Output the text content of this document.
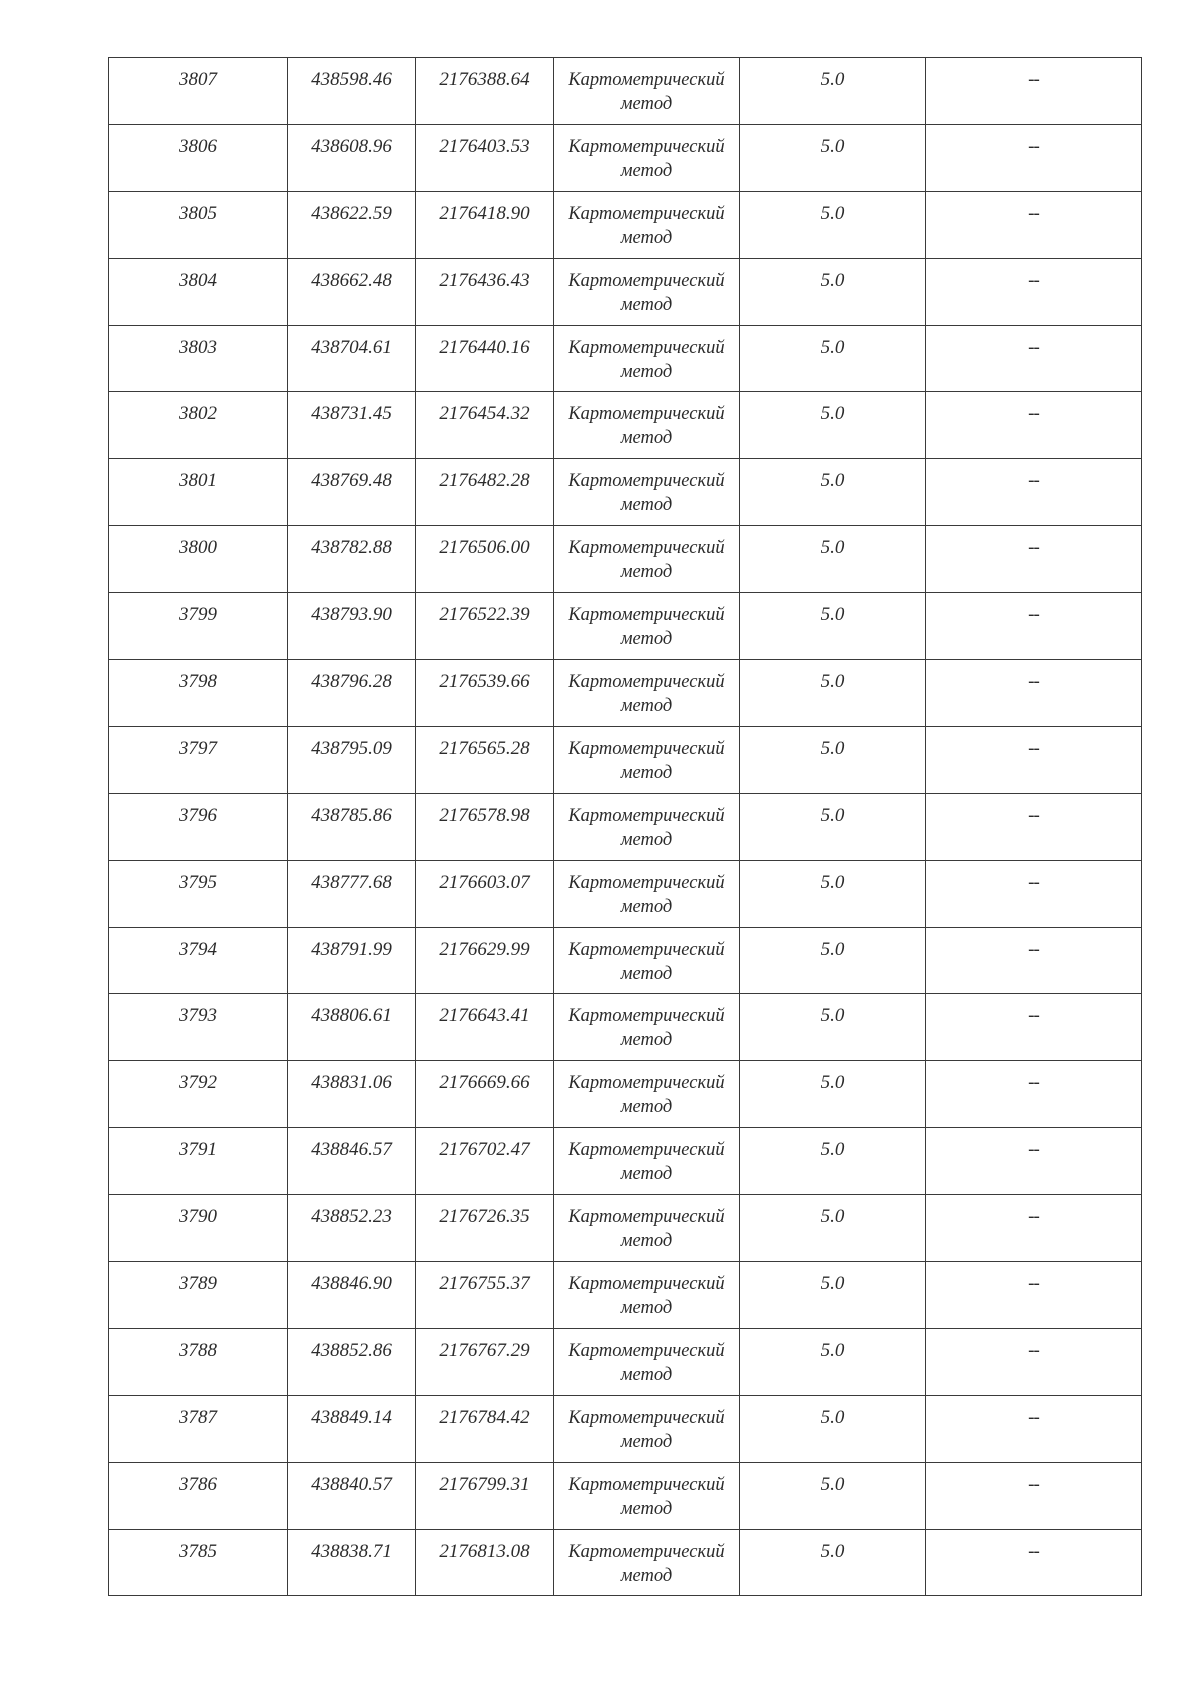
3807	438598.46	2176388.64	Картометрический метод	5.0	--

3806	438608.96	2176403.53	Картометрический метод	5.0	--

3805	438622.59	2176418.90	Картометрический метод	5.0	--

3804	438662.48	2176436.43	Картометрический метод	5.0	--

3803	438704.61	2176440.16	Картометрический метод	5.0	--

3802	438731.45	2176454.32	Картометрический метод	5.0	--

3801	438769.48	2176482.28	Картометрический метод	5.0	--

3800	438782.88	2176506.00	Картометрический метод	5.0	--

3799	438793.90	2176522.39	Картометрический метод	5.0	--

3798	438796.28	2176539.66	Картометрический метод	5.0	--

3797	438795.09	2176565.28	Картометрический метод	5.0	--

3796	438785.86	2176578.98	Картометрический метод	5.0	--

3795	438777.68	2176603.07	Картометрический метод	5.0	--

3794	438791.99	2176629.99	Картометрический метод	5.0	--

3793	438806.61	2176643.41	Картометрический метод	5.0	--

3792	438831.06	2176669.66	Картометрический метод	5.0	--

3791	438846.57	2176702.47	Картометрический метод	5.0	--

3790	438852.23	2176726.35	Картометрический метод	5.0	--

3789	438846.90	2176755.37	Картометрический метод	5.0	--

3788	438852.86	2176767.29	Картометрический метод	5.0	--

3787	438849.14	2176784.42	Картометрический метод	5.0	--

3786	438840.57	2176799.31	Картометрический метод	5.0	--

3785	438838.71	2176813.08	Картометрический метод	5.0	--
